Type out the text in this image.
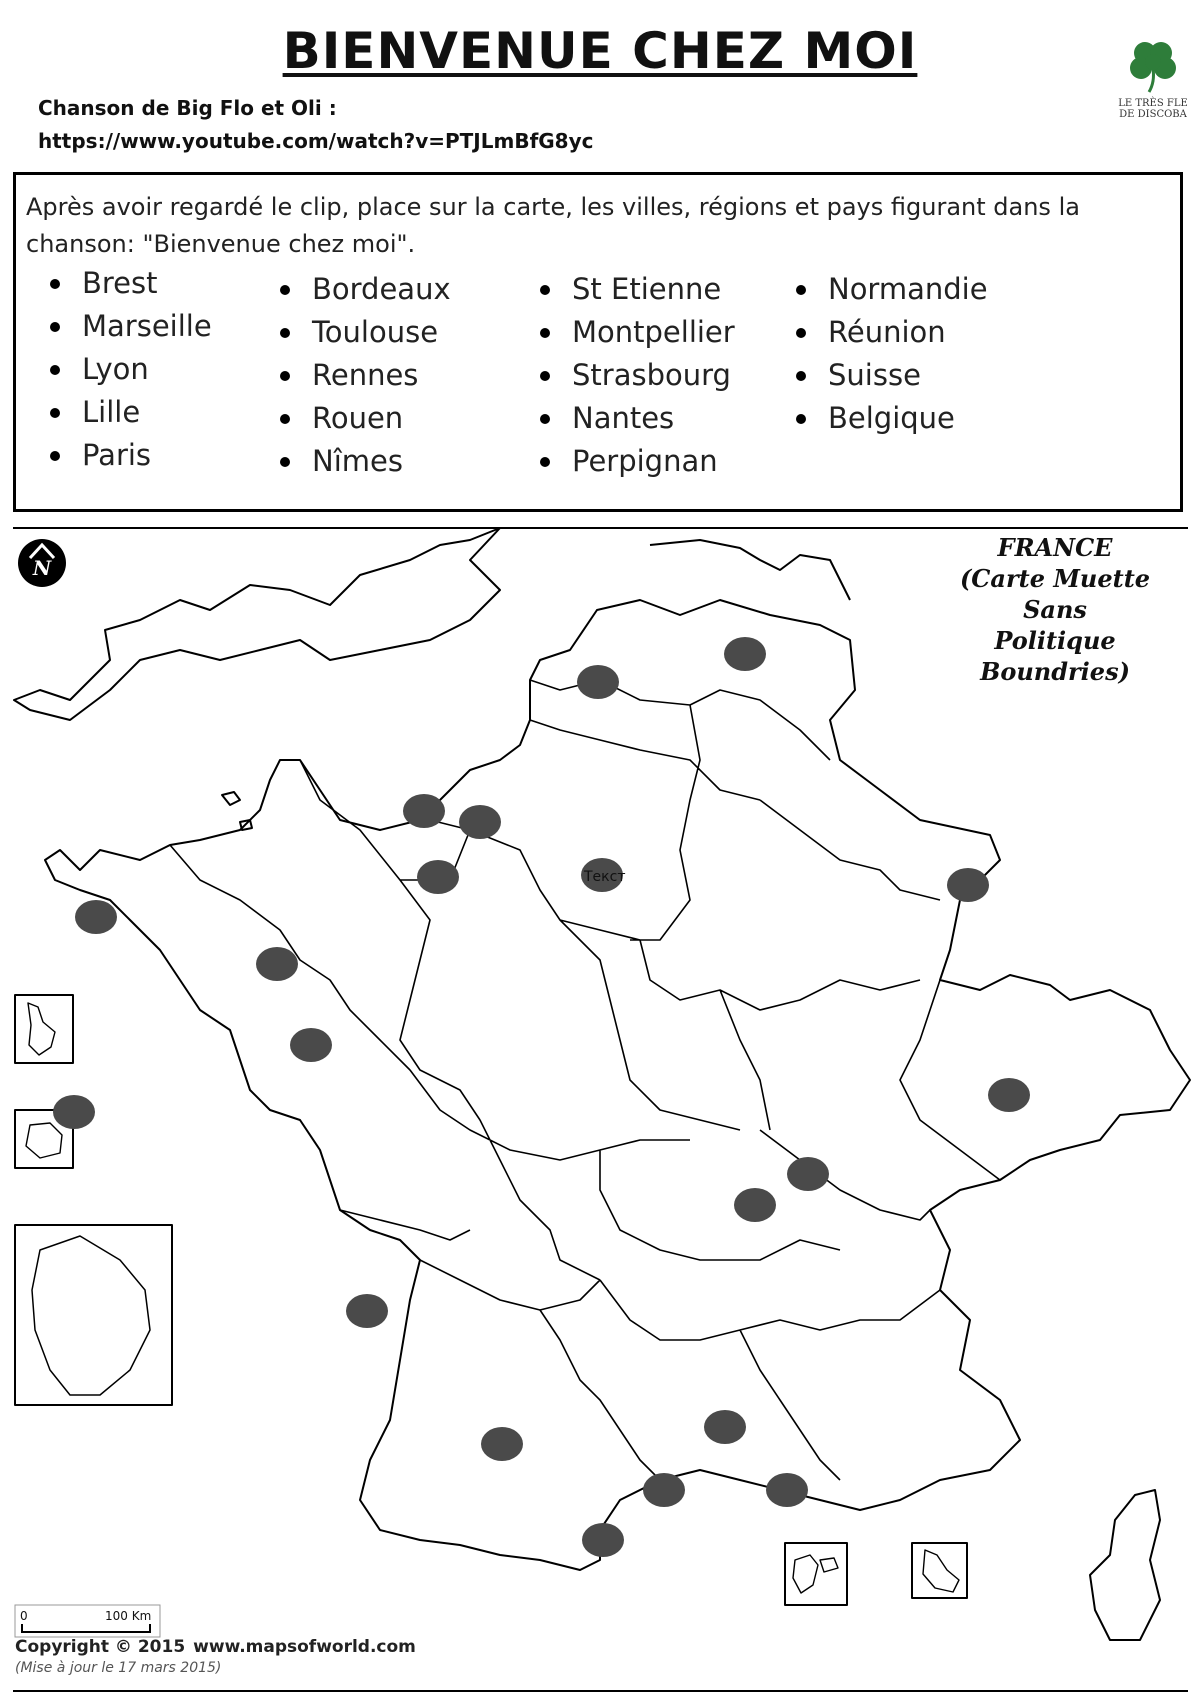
BIENVENUE CHEZ MOI
Chanson de Big Flo et Oli :
https://www.youtube.com/watch?v=PTJLmBfG8yc
LE TRÈS FLE
DE DISCOBA
Après avoir regardé le clip, place sur la carte, les villes, régions et pays figurant dans la chanson: "Bienvenue chez moi".
Brest
Marseille
Lyon
Lille
Paris
Bordeaux
Toulouse
Rennes
Rouen
Nîmes
St Etienne
Montpellier
Strasbourg
Nantes
Perpignan
Normandie
Réunion
Suisse
Belgique
N
Текст
0	100 Km
FRANCE
(Carte Muette Sans
Politique Boundries)
Copyright © 2015 www.mapsofworld.com
(Mise à jour le 17 mars 2015)
